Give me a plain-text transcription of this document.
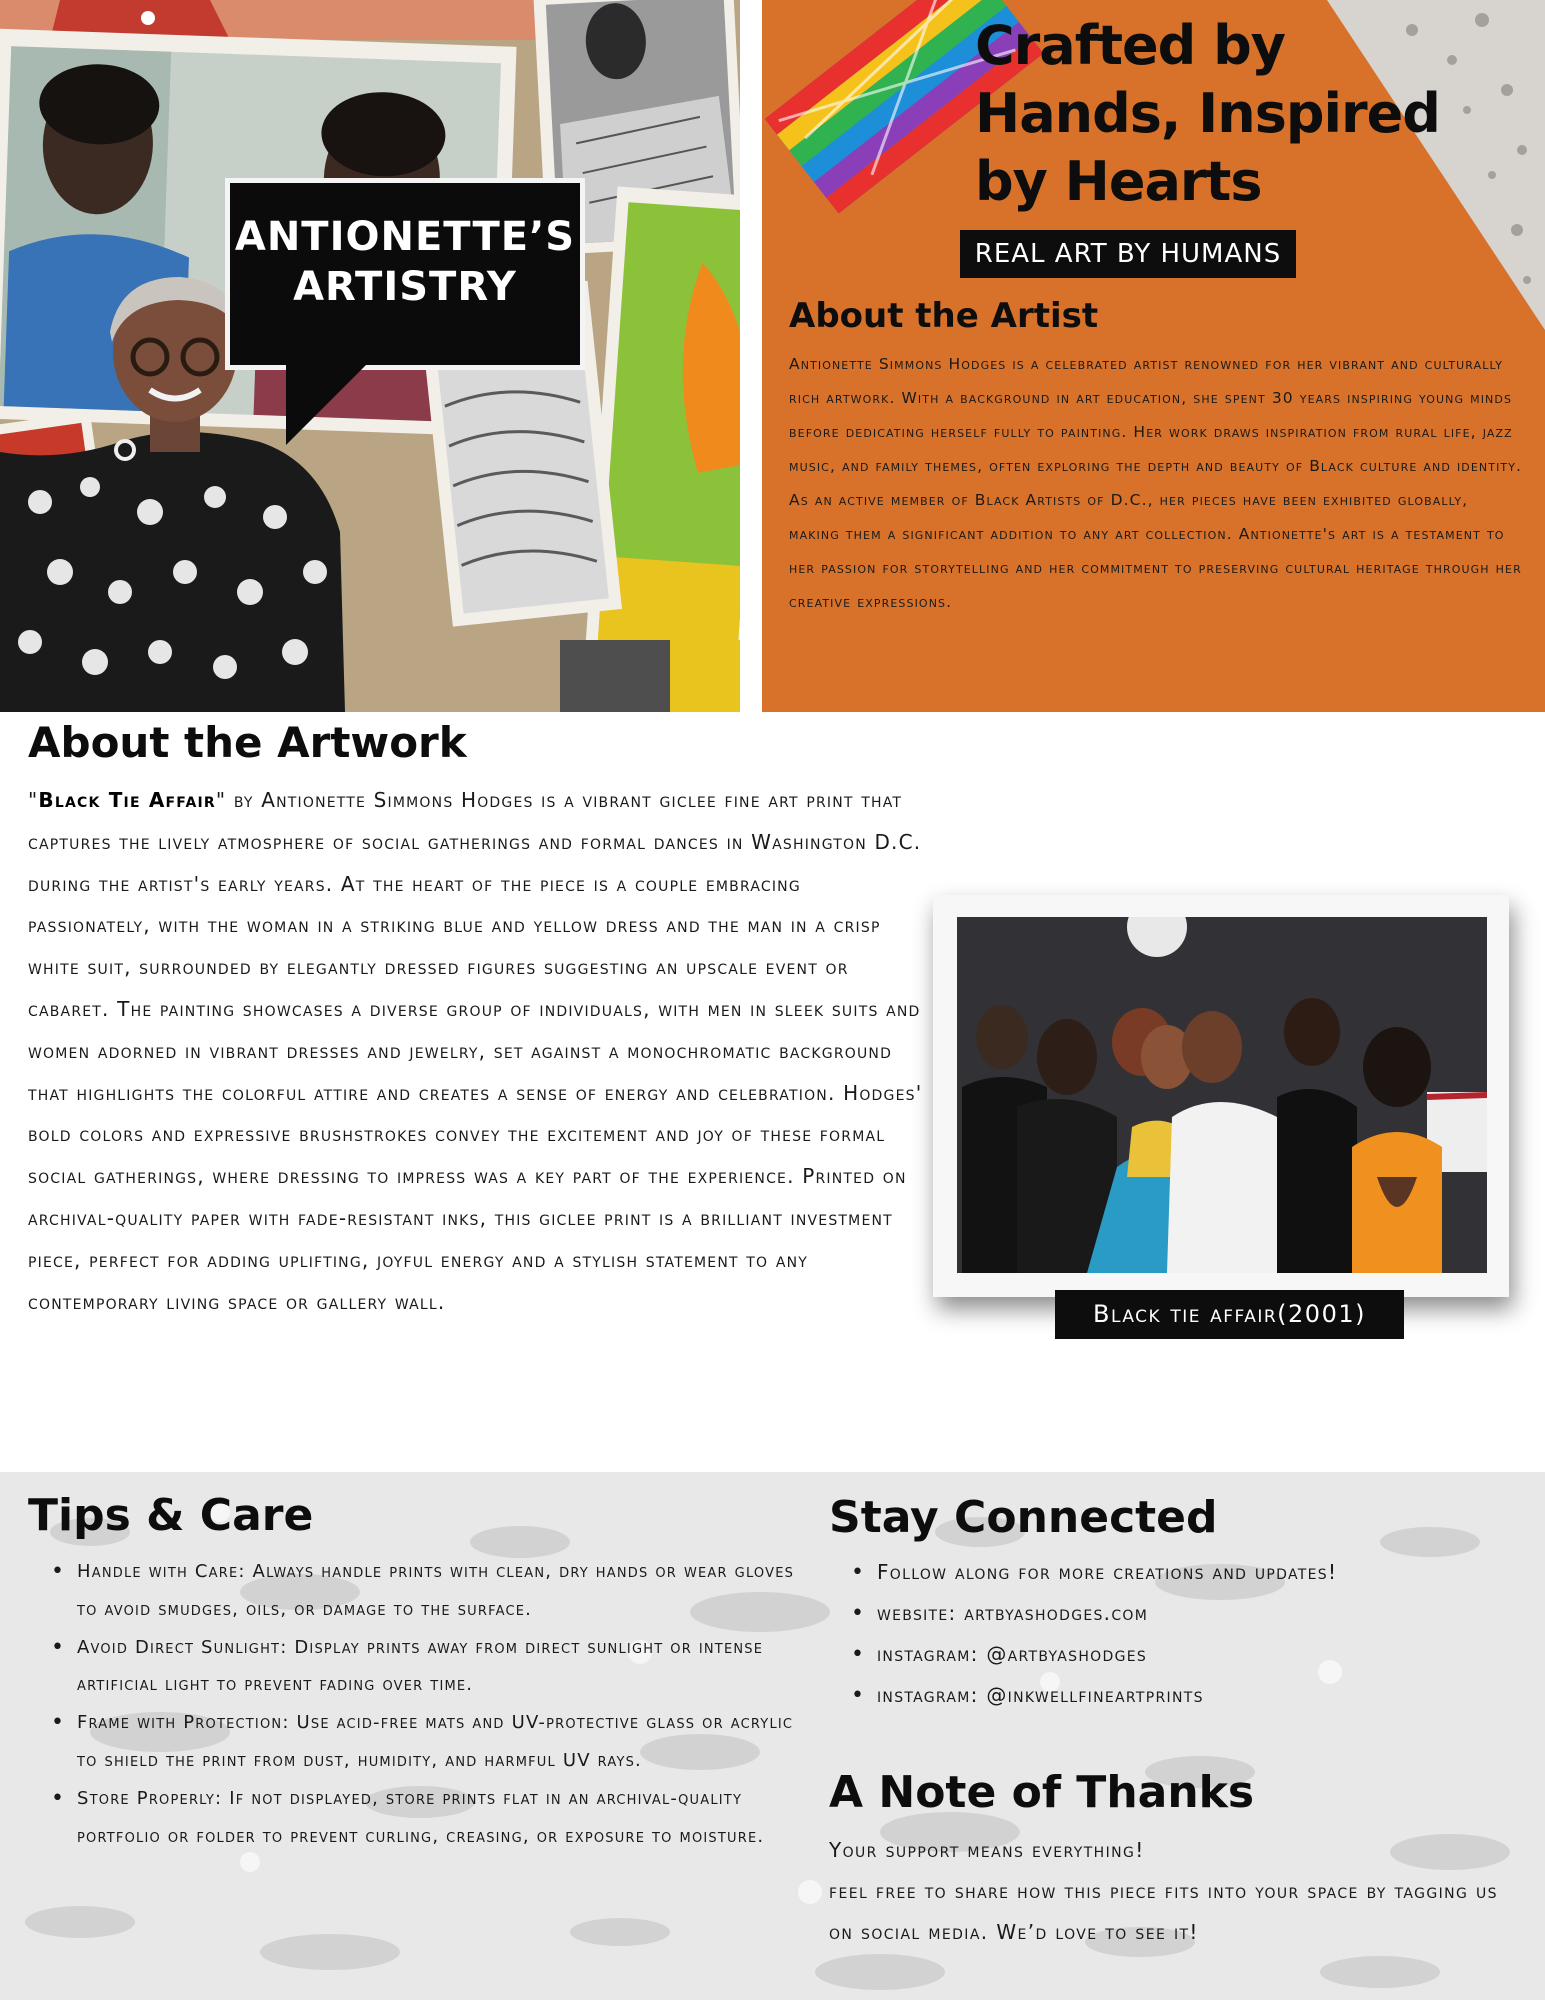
ANTIONETTE’S ARTISTRY
Crafted by Hands, Inspired by Hearts
REAL ART BY HUMANS
About the Artist
Antionette Simmons Hodges is a celebrated artist renowned for her vibrant and culturally rich artwork. With a background in art education, she spent 30 years inspiring young minds before dedicating herself fully to painting. Her work draws inspiration from rural life, jazz music, and family themes, often exploring the depth and beauty of Black culture and identity. As an active member of Black Artists of D.C., her pieces have been exhibited globally, making them a significant addition to any art collection. Antionette's art is a testament to her passion for storytelling and her commitment to preserving cultural heritage through her creative expressions.
About the Artwork
"Black Tie Affair" by Antionette Simmons Hodges is a vibrant giclee fine art print that captures the lively atmosphere of social gatherings and formal dances in Washington D.C. during the artist's early years. At the heart of the piece is a couple embracing passionately, with the woman in a striking blue and yellow dress and the man in a crisp white suit, surrounded by elegantly dressed figures suggesting an upscale event or cabaret. The painting showcases a diverse group of individuals, with men in sleek suits and women adorned in vibrant dresses and jewelry, set against a monochromatic background that highlights the colorful attire and creates a sense of energy and celebration. Hodges' bold colors and expressive brushstrokes convey the excitement and joy of these formal social gatherings, where dressing to impress was a key part of the experience. Printed on archival-quality paper with fade-resistant inks, this giclee print is a brilliant investment piece, perfect for adding uplifting, joyful energy and a stylish statement to any contemporary living space or gallery wall.	Black tie affair(2001)
Tips & Care
• Handle with Care: Always handle prints with clean, dry hands or wear gloves to avoid smudges, oils, or damage to the surface.
• Avoid Direct Sunlight: Display prints away from direct sunlight or intense artificial light to prevent fading over time.
• Frame with Protection: Use acid-free mats and UV-protective glass or acrylic to shield the print from dust, humidity, and harmful UV rays.
• Store Properly: If not displayed, store prints flat in an archival-quality portfolio or folder to prevent curling, creasing, or exposure to moisture.
Stay Connected
• Follow along for more creations and updates!
• website: artbyashodges.com
• instagram: @artbyashodges
• instagram: @inkwellfineartprints
A Note of Thanks
Your support means everything!
feel free to share how this piece fits into your space by tagging us on social media. We’d love to see it!
